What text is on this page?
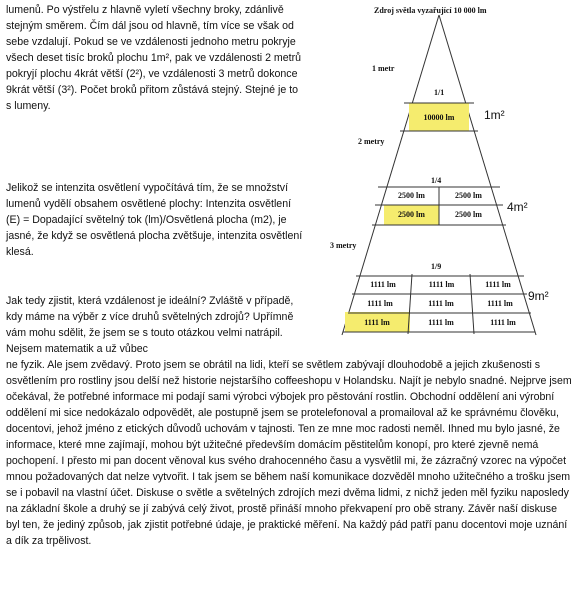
lumenů. Po výstřelu z hlavně vyletí všechny broky, zdánlivě stejným směrem. Čím dál jsou od hlavně, tím více se však od sebe vzdalují. Pokud se ve vzdálenosti jednoho metru pokryje všech deset tisíc broků plochu 1m², pak ve vzdálenosti 2 metrů pokryjí plochu 4krát větší (2²), ve vzdálenosti 3 metrů dokonce 9krát větší (3²). Počet broků přitom zůstává stejný. Stejné je to s lumeny.

Jelikož se intenzita osvětlení vypočítává tím, že se množství lumenů vydělí obsahem osvětlené plochy: Intenzita osvětlení (E) = Dopadající světelný tok (lm)/Osvětlená plocha (m2), je jasné, že když se osvětlená plocha zvětšuje, intenzita osvětlení klesá.

Jak tedy zjistit, která vzdálenost je ideální? Zvláště v případě, kdy máme na výběr z více druhů světelných zdrojů? Upřímně vám mohu sdělit, že jsem se s touto otázkou velmi natrápil. Nejsem matematik a už vůbec

ne fyzik. Ale jsem zvědavý. Proto jsem se obrátil na lidi, kteří se světlem zabývají dlouhodobě a jejich zkušenosti s osvětlením pro rostliny jsou delší než historie nejstaršího coffeeshopu v Holandsku. Najít je nebylo snadné. Nejprve jsem očekával, že potřebné informace mi podají sami výrobci výbojek pro pěstování rostlin. Obchodní oddělení ani výrobní oddělení mi sice nedokázalo odpovědět, ale postupně jsem se protelefonoval a promailoval až ke správnému člověku, docentovi, jehož jméno z etických důvodů uchovám v tajnosti. Ten ze mne moc radosti neměl. Ihned mu bylo jasné, že informace, které mne zajímají, mohou být užitečné především domácím pěstitelům konopí, pro které zjevně nemá pochopení. I přesto mi pan docent věnoval kus svého drahocenného času a vysvětlil mi, že zázračný vzorec na výpočet mnou požadovaných dat nelze vytvořit. I tak jsem se během naší komunikace dozvěděl mnoho užitečného a trošku jsem se i pobavil na vlastní účet. Diskuse o světle a světelných zdrojích mezi dvěma lidmi, z nichž jeden měl fyziku naposledy na základní škole a druhý se jí zabývá celý život, prostě přináší mnoho překvapení pro obě strany. Závěr naší diskuse byl ten, že jediný způsob, jak zjistit potřebné údaje, je praktické měření. Na každý pád patří panu docentovi moje uznání a dík za trpělivost.

Zdroj světla vyzařující 10 000 lm
1 metr
1/1
10000 lm	1m²
2 metry
1/4
2500 lm	2500 lm
2500 lm	2500 lm
4m²
3 metry
1/9
1111 lm	1111 lm	1111 lm
1111 lm	1111 lm	1111 lm
1111 lm	1111 lm	1111 lm
9m²
